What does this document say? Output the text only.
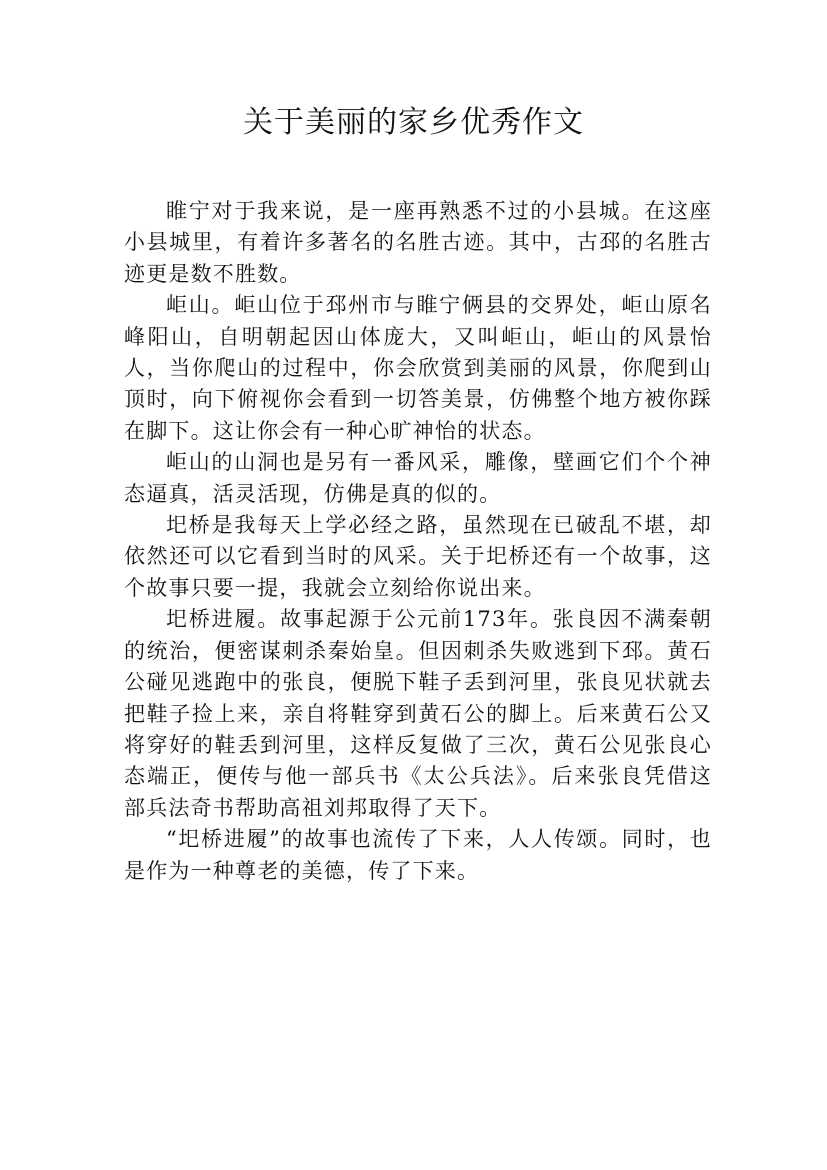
关于美丽的家乡优秀作文

睢宁对于我来说，是一座再熟悉不过的小县城。在这座小县城里，有着许多著名的名胜古迹。其中，古邳的名胜古迹更是数不胜数。

岠山。岠山位于邳州市与睢宁俩县的交界处，岠山原名峰阳山，自明朝起因山体庞大，又叫岠山，岠山的风景怡人，当你爬山的过程中，你会欣赏到美丽的风景，你爬到山顶时，向下俯视你会看到一切答美景，仿佛整个地方被你踩在脚下。这让你会有一种心旷神怡的状态。

岠山的山洞也是另有一番风采，雕像，壁画它们个个神态逼真，活灵活现，仿佛是真的似的。

圯桥是我每天上学必经之路，虽然现在已破乱不堪，却依然还可以它看到当时的风采。关于圯桥还有一个故事，这个故事只要一提，我就会立刻给你说出来。

圯桥进履。故事起源于公元前173年。张良因不满秦朝的统治，便密谋刺杀秦始皇。但因刺杀失败逃到下邳。黄石公碰见逃跑中的张良，便脱下鞋子丢到河里，张良见状就去把鞋子捡上来，亲自将鞋穿到黄石公的脚上。后来黄石公又将穿好的鞋丢到河里，这样反复做了三次，黄石公见张良心态端正，便传与他一部兵书《太公兵法》。后来张良凭借这部兵法奇书帮助高祖刘邦取得了天下。

“圯桥进履”的故事也流传了下来，人人传颂。同时，也是作为一种尊老的美德，传了下来。
